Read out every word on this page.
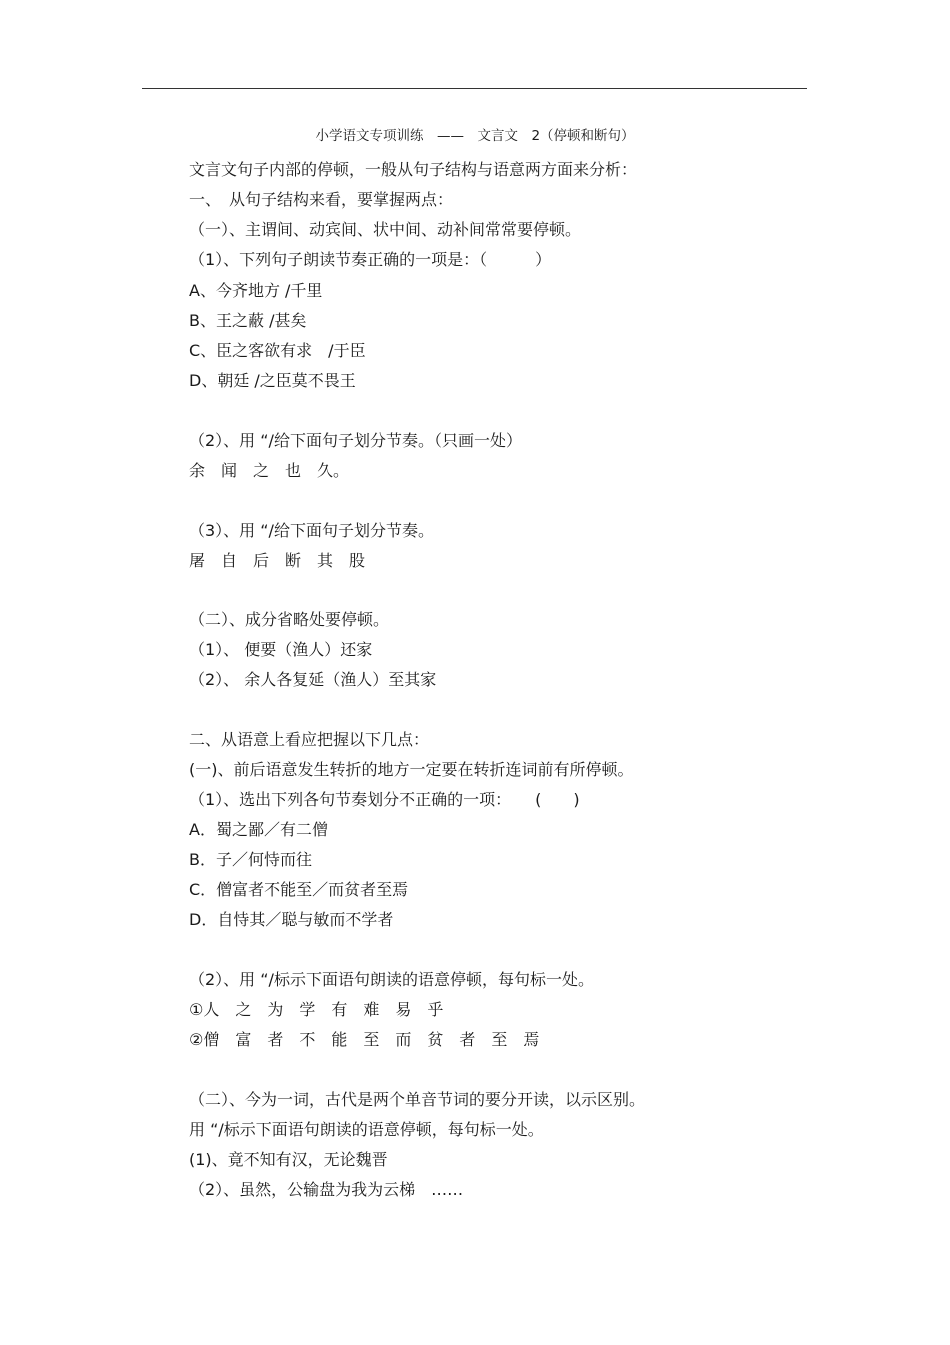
小学语文专项训练　——　文言文　2（停顿和断句）
文言文句子内部的停顿，一般从句子结构与语意两方面来分析：
一、　从句子结构来看，要掌握两点：
（一）、主谓间、动宾间、状中间、动补间常常要停顿。
（1）、下列句子朗读节奏正确的一项是：（　　　）
A、今齐地方 /千里
B、王之蔽 /甚矣
C、臣之客欲有求　/于臣
D、朝廷 /之臣莫不畏王
（2）、用 “/给下面句子划分节奏。（只画一处）
余　闻　之　也　久。
（3）、用 “/给下面句子划分节奏。
屠　自　后　断　其　股
（二）、成分省略处要停顿。
（1）、 便要（渔人）还家
（2）、 余人各复延（渔人）至其家
二、从语意上看应把握以下几点：
(一)、前后语意发生转折的地方一定要在转折连词前有所停顿。
（1）、选出下列各句节奏划分不正确的一项：　　(　　)
A．蜀之鄙／有二僧
B．子／何恃而往
C．僧富者不能至／而贫者至焉
D．自恃其／聪与敏而不学者
（2）、用 “/标示下面语句朗读的语意停顿，每句标一处。
①人　之　为　学　有　难　易　乎
②僧　富　者　不　能　至　而　贫　者　至　焉
（二）、今为一词，古代是两个单音节词的要分开读，以示区别。
用 “/标示下面语句朗读的语意停顿，每句标一处。
(1)、竟不知有汉，无论魏晋
（2）、虽然，公输盘为我为云梯　……
